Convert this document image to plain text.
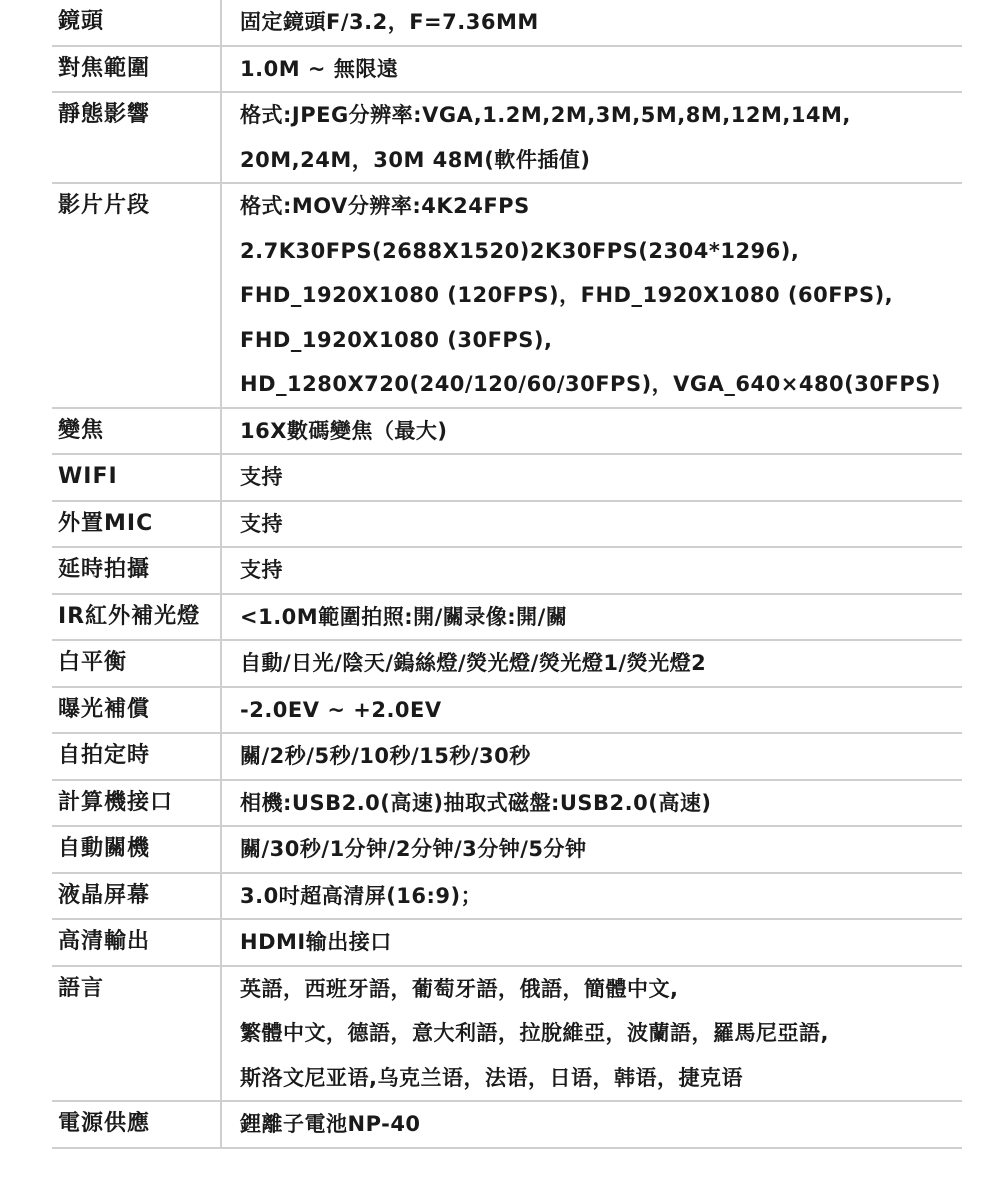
鏡頭	固定鏡頭F/3.2，F=7.36MM

對焦範圍	1.0M ~ 無限遠

靜態影響	格式:JPEG分辨率:VGA,1.2M,2M,3M,5M,8M,12M,14M,
20M,24M，30M 48M(軟件插值)

影片片段	格式:MOV分辨率:4K24FPS
2.7K30FPS(2688X1520)2K30FPS(2304*1296),
FHD_1920X1080 (120FPS)，FHD_1920X1080 (60FPS),
FHD_1920X1080 (30FPS),
HD_1280X720(240/120/60/30FPS)，VGA_640×480(30FPS)

變焦	16X數碼變焦（最大)

WIFI	支持

外置MIC	支持

延時拍攝	支持

IR紅外補光燈	<1.0M範圍拍照:開/關录像:開/關

白平衡	自動/日光/陰天/鎢絲燈/熒光燈/熒光燈1/熒光燈2

曝光補償	-2.0EV ~ +2.0EV

自拍定時	關/2秒/5秒/10秒/15秒/30秒

計算機接口	相機:USB2.0(高速)抽取式磁盤:USB2.0(高速)

自動關機	關/30秒/1分钟/2分钟/3分钟/5分钟

液晶屏幕	3.0吋超高清屏(16:9)；

高清輸出	HDMI输出接口

語言	英語，西班牙語，葡萄牙語，俄語，簡體中文,
繁體中文，德語，意大利語，拉脫維亞，波蘭語，羅馬尼亞語,
斯洛文尼亚语,乌克兰语，法语，日语，韩语，捷克语

電源供應	鋰離子電池NP-40
